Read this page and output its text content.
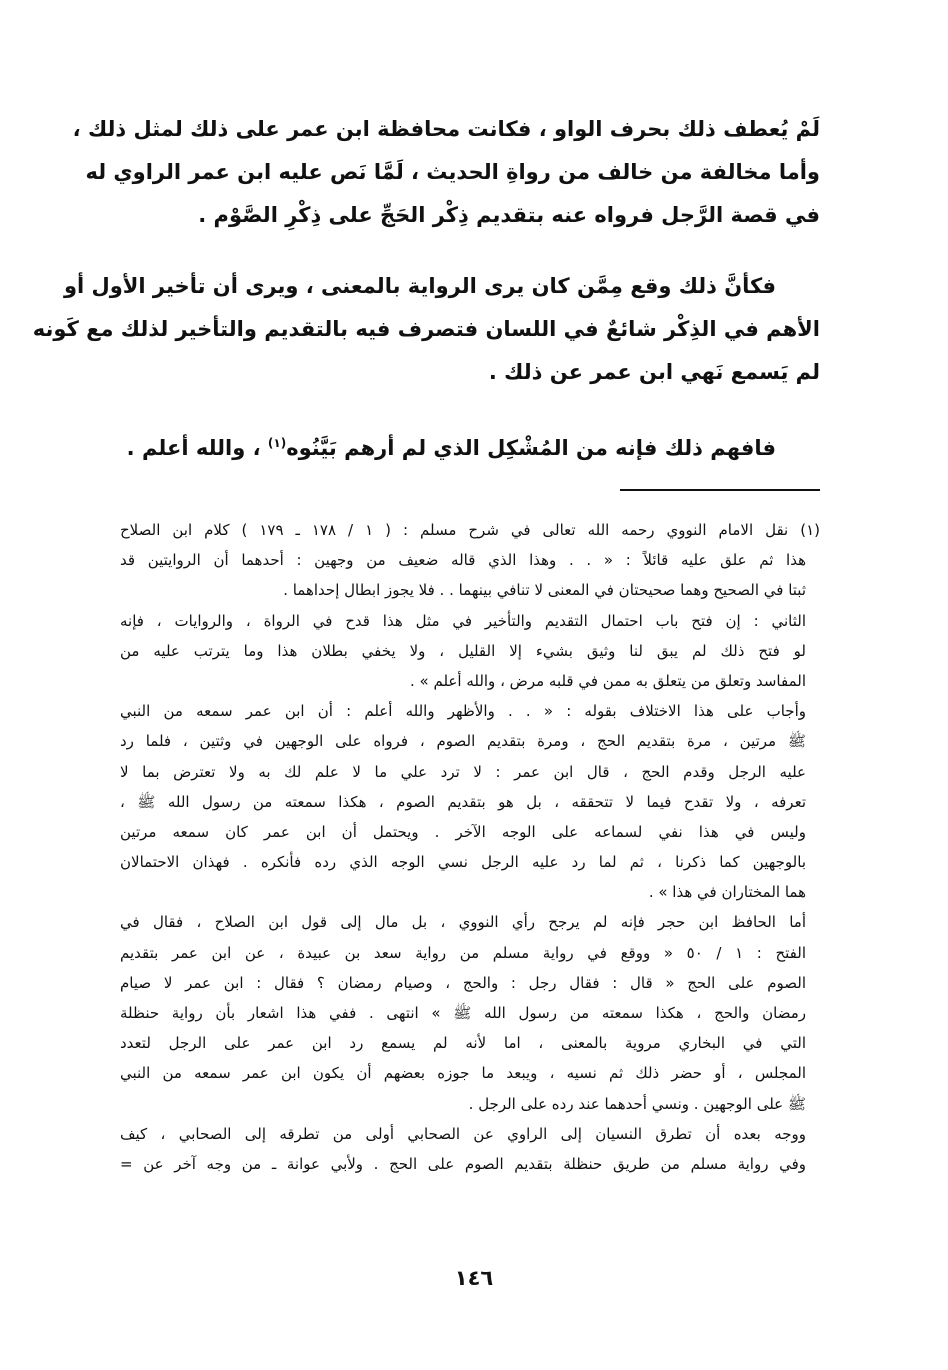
لَمْ يُعطف ذلك بحرف الواو ، فكانت محافظة ابن عمر على ذلك لمثل ذلك ،
وأما مخالفة من خالف من رواةِ الحديث ، لَمَّا نَص عليه ابن عمر الراوي له
في قصة الرَّجل فرواه عنه بتقديم ذِكْر الحَجِّ على ذِكْرِ الصَّوْم .
فكأنَّ ذلك وقع مِمَّن كان يرى الرواية بالمعنى ، ويرى أن تأخير الأول أو
الأهم في الذِكْر شائعٌ في اللسان فتصرف فيه بالتقديم والتأخير لذلك مع كَونه
لم يَسمع نَهي ابن عمر عن ذلك .
فافهم ذلك فإنه من المُشْكِل الذي لم أرهم بَيَّنُوه$^{(١)}$ ، والله أعلم .
(١) نقل الامام النووي رحمه الله تعالى في شرح مسلم : ( ١ / ١٧٨ ـ ١٧٩ ) كلام ابن الصلاح
هذا ثم علق عليه قائلاً : « . . وهذا الذي قاله ضعيف من وجهين : أحدهما أن الروايتين قد
ثبتا في الصحيح وهما صحيحتان في المعنى لا تنافي بينهما . . فلا يجوز ابطال إحداهما .
الثاني : إن فتح باب احتمال التقديم والتأخير في مثل هذا قدح في الرواة ، والروايات ، فإنه
لو فتح ذلك لم يبق لنا وثيق بشيء إلا القليل ، ولا يخفي بطلان هذا وما يترتب عليه من
المفاسد وتعلق من يتعلق به ممن في قلبه مرض ، والله أعلم » .
وأجاب على هذا الاختلاف بقوله : « . . والأظهر والله أعلم : أن ابن عمر سمعه من النبي
ﷺ مرتين ، مرة بتقديم الحج ، ومرة بتقديم الصوم ، فرواه على الوجهين في وثتين ، فلما رد
عليه الرجل وقدم الحج ، قال ابن عمر : لا ترد علي ما لا علم لك به ولا تعترض بما لا
تعرفه ، ولا تقدح فيما لا تتحققه ، بل هو بتقديم الصوم ، هكذا سمعته من رسول الله ﷺ ،
وليس في هذا نفي لسماعه على الوجه الآخر . ويحتمل أن ابن عمر كان سمعه مرتين
بالوجهين كما ذكرنا ، ثم لما رد عليه الرجل نسي الوجه الذي رده فأنكره . فهذان الاحتمالان
هما المختاران في هذا » .
أما الحافظ ابن حجر فإنه لم يرجح رأي النووي ، بل مال إلى قول ابن الصلاح ، فقال في
الفتح : ١ / ٥٠ « ووقع في رواية مسلم من رواية سعد بن عبيدة ، عن ابن عمر بتقديم
الصوم على الحج « قال : فقال رجل : والحج ، وصيام رمضان ؟ فقال : ابن عمر لا صيام
رمضان والحج ، هكذا سمعته من رسول الله ﷺ » انتهى . ففي هذا اشعار بأن رواية حنظلة
التي في البخاري مروية بالمعنى ، اما لأنه لم يسمع رد ابن عمر على الرجل لتعدد
المجلس ، أو حضر ذلك ثم نسيه ، ويبعد ما جوزه بعضهم أن يكون ابن عمر سمعه من النبي
ﷺ على الوجهين . ونسي أحدهما عند رده على الرجل .
ووجه بعده أن تطرق النسيان إلى الراوي عن الصحابي أولى من تطرقه إلى الصحابي ، كيف
وفي رواية مسلم من طريق حنظلة بتقديم الصوم على الحج . ولأبي عوانة ـ من وجه آخر عن =
١٤٦
